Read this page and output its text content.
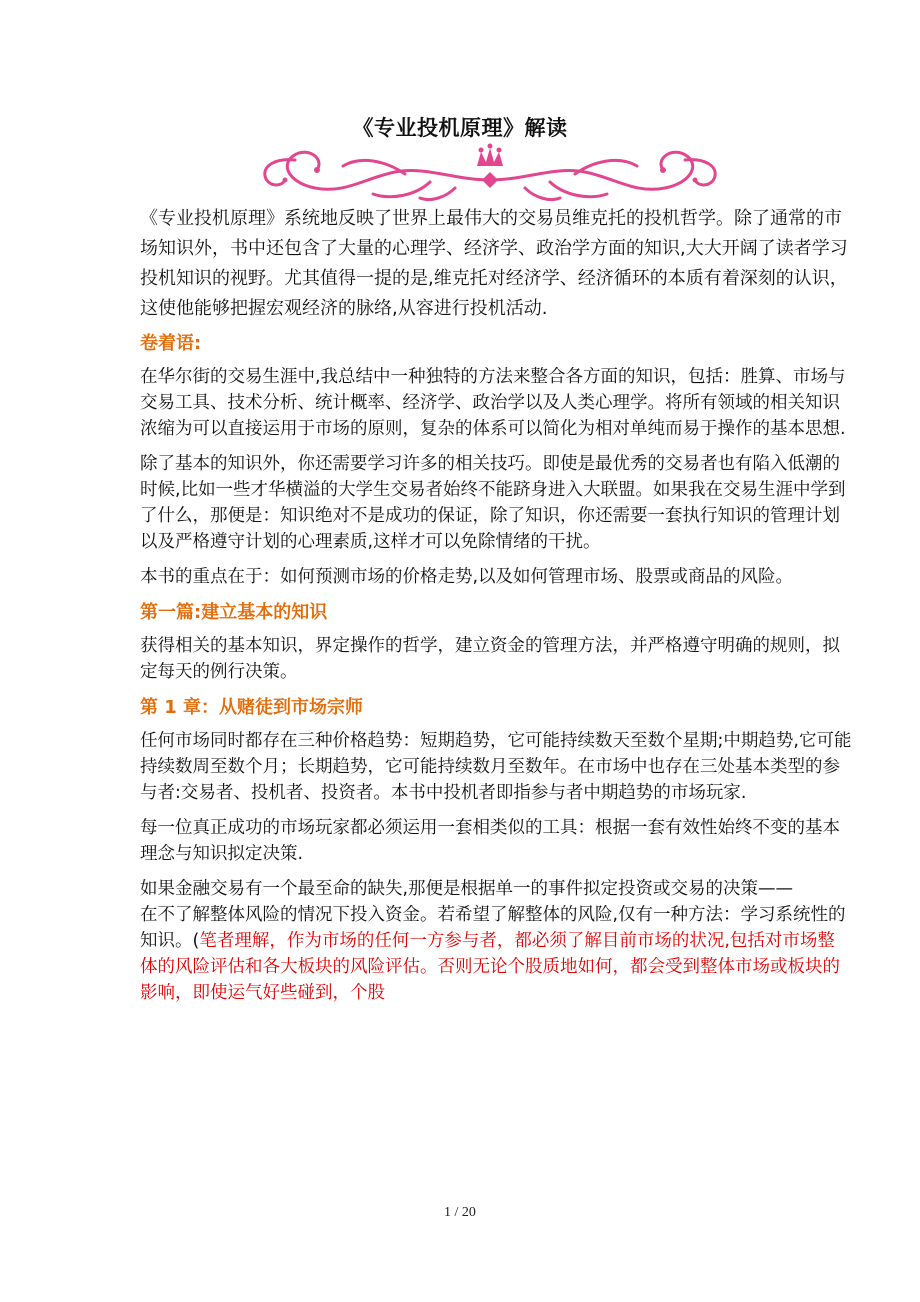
《专业投机原理》解读

《专业投机原理》系统地反映了世界上最伟大的交易员维克托的投机哲学。除了通常的市场知识外，书中还包含了大量的心理学、经济学、政治学方面的知识,大大开阔了读者学习投机知识的视野。尤其值得一提的是,维克托对经济学、经济循环的本质有着深刻的认识，这使他能够把握宏观经济的脉络,从容进行投机活动.

卷着语:

在华尔街的交易生涯中,我总结中一种独特的方法来整合各方面的知识，包括：胜算、市场与交易工具、技术分析、统计概率、经济学、政治学以及人类心理学。将所有领域的相关知识浓缩为可以直接运用于市场的原则，复杂的体系可以简化为相对单纯而易于操作的基本思想.

除了基本的知识外，你还需要学习许多的相关技巧。即使是最优秀的交易者也有陷入低潮的时候,比如一些才华横溢的大学生交易者始终不能跻身进入大联盟。如果我在交易生涯中学到了什么，那便是：知识绝对不是成功的保证，除了知识，你还需要一套执行知识的管理计划以及严格遵守计划的心理素质,这样才可以免除情绪的干扰。

本书的重点在于：如何预测市场的价格走势,以及如何管理市场、股票或商品的风险。

第一篇:建立基本的知识

获得相关的基本知识，界定操作的哲学，建立资金的管理方法，并严格遵守明确的规则，拟定每天的例行决策。

第 1 章：从赌徒到市场宗师

任何市场同时都存在三种价格趋势：短期趋势，它可能持续数天至数个星期;中期趋势,它可能持续数周至数个月；长期趋势，它可能持续数月至数年。在市场中也存在三处基本类型的参与者:交易者、投机者、投资者。本书中投机者即指参与者中期趋势的市场玩家.

每一位真正成功的市场玩家都必须运用一套相类似的工具：根据一套有效性始终不变的基本理念与知识拟定决策.

如果金融交易有一个最至命的缺失,那便是根据单一的事件拟定投资或交易的决策——

在不了解整体风险的情况下投入资金。若希望了解整体的风险,仅有一种方法：学习系统性的知识。(笔者理解，作为市场的任何一方参与者，都必须了解目前市场的状况,包括对市场整体的风险评估和各大板块的风险评估。否则无论个股质地如何，都会受到整体市场或板块的影响，即使运气好些碰到，个股

1 / 20
